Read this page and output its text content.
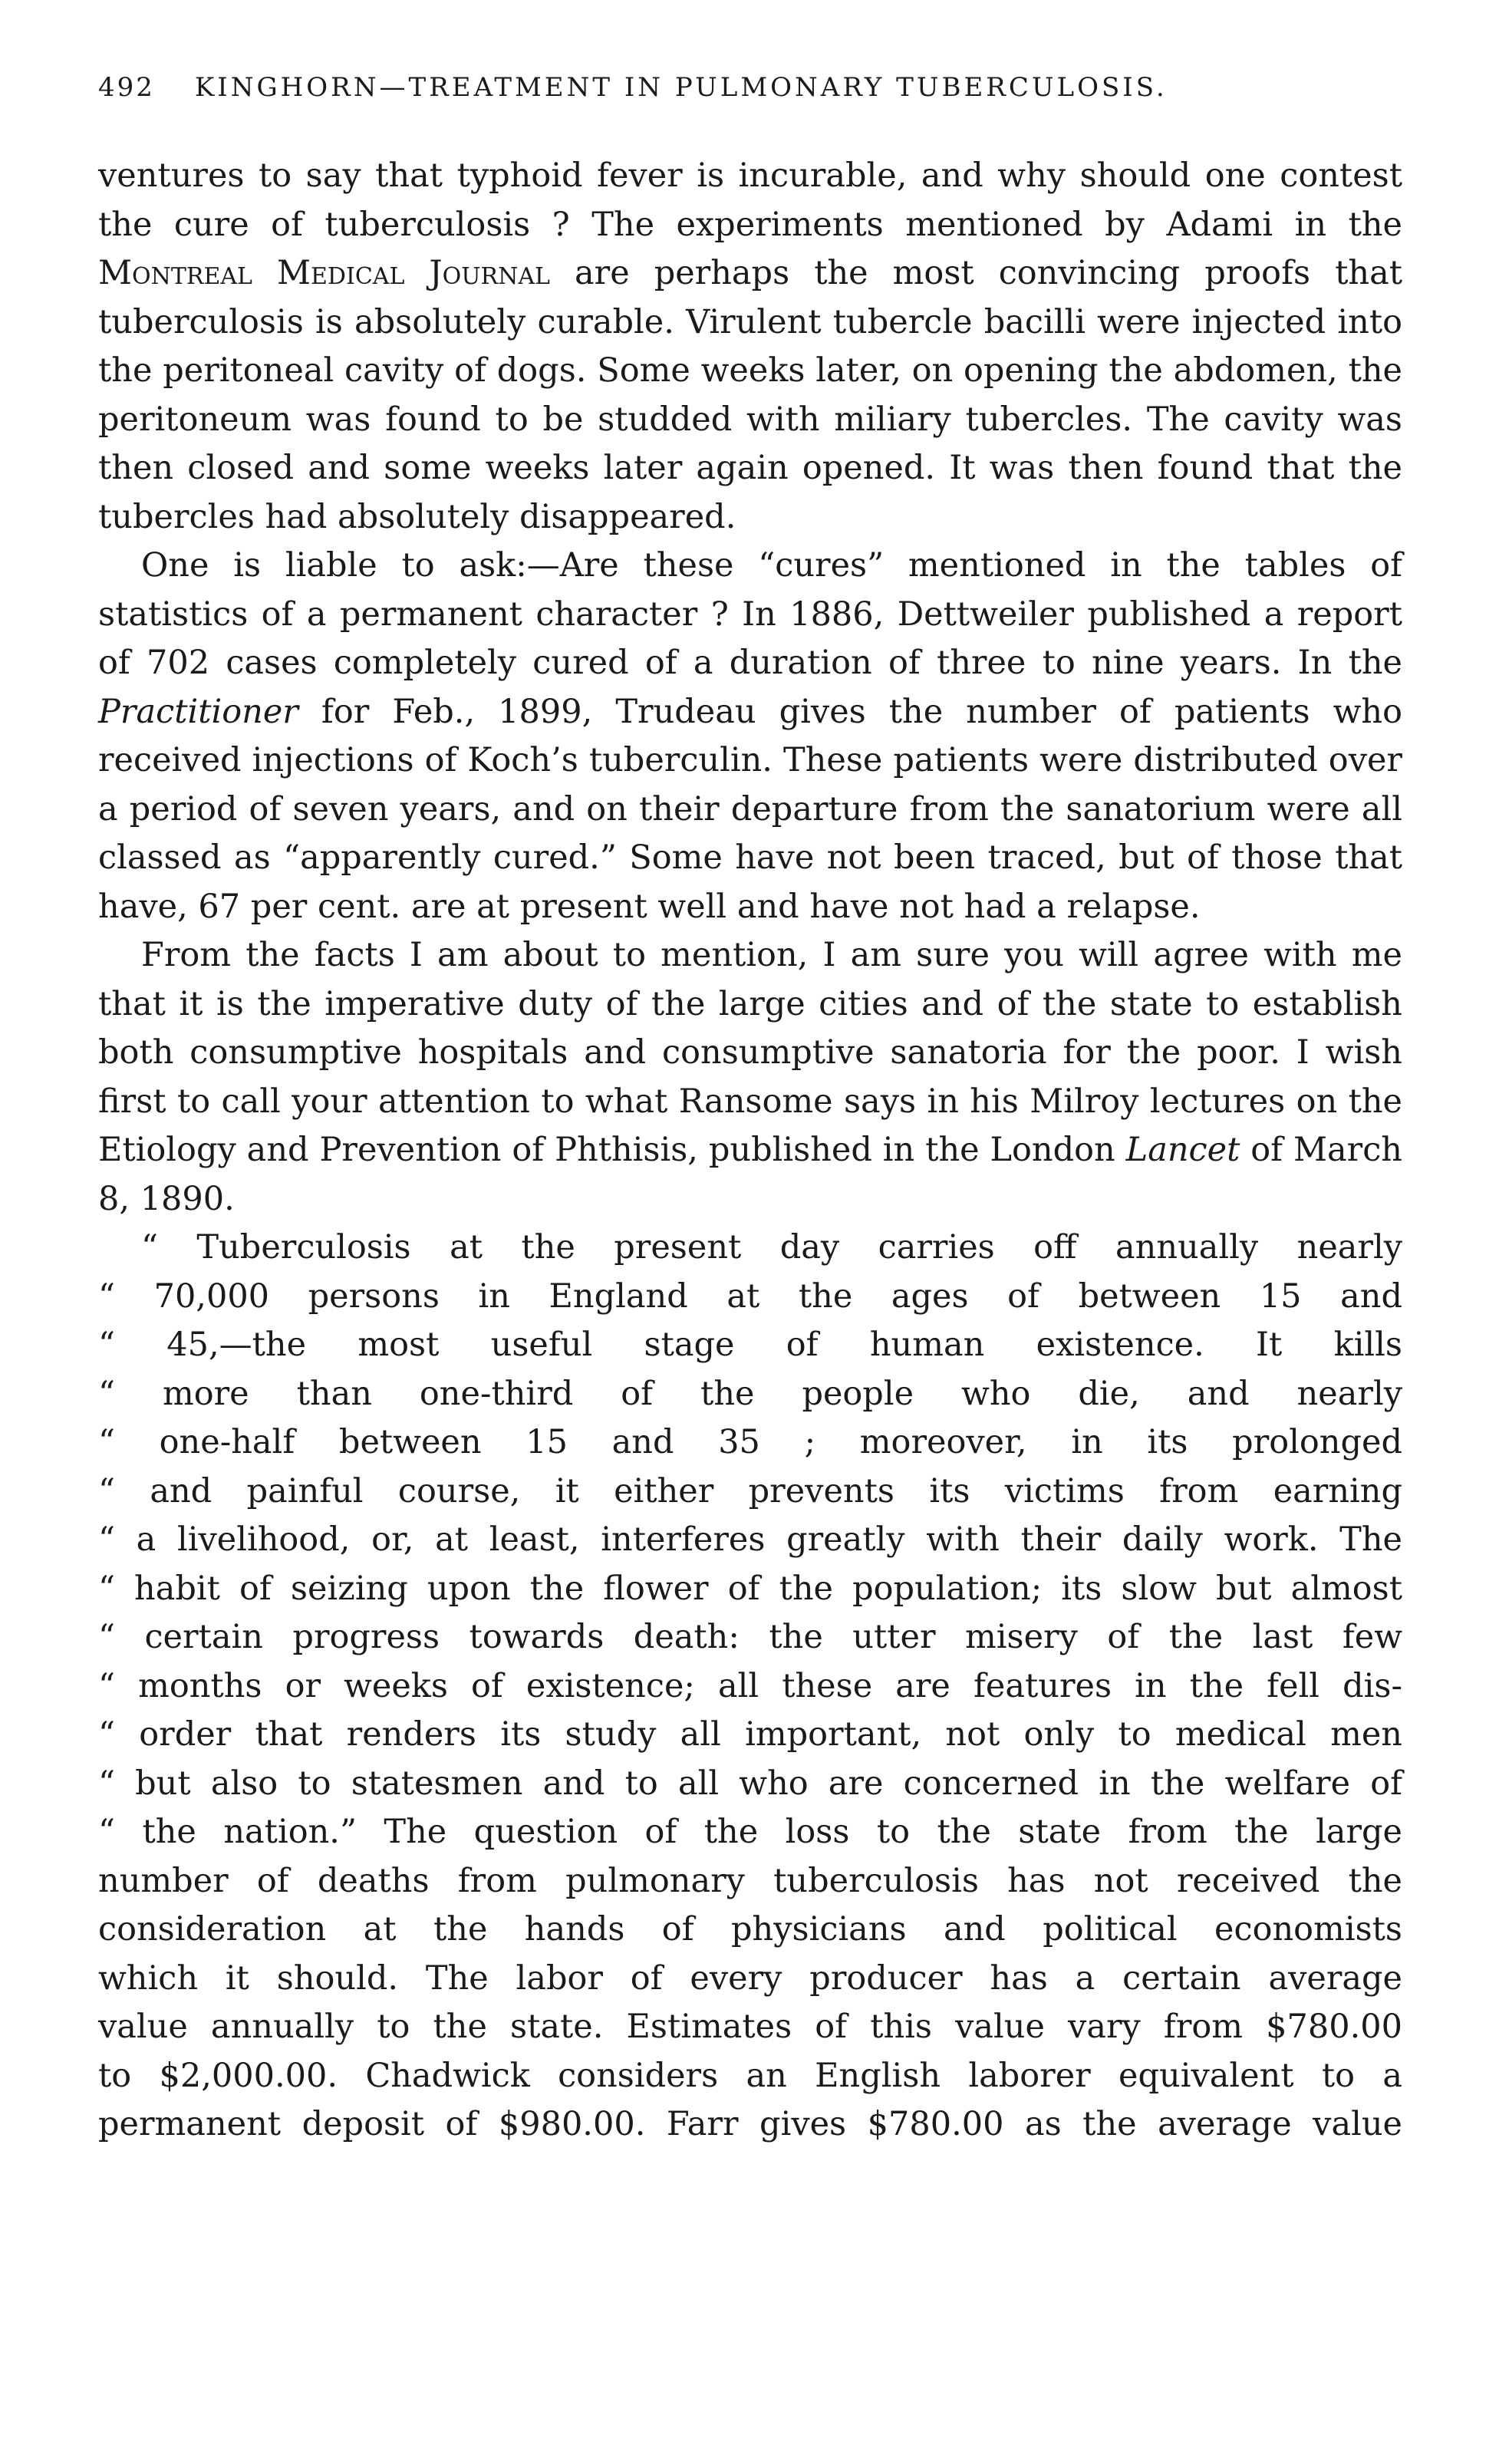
492 KINGHORN—TREATMENT IN PULMONARY TUBERCULOSIS.

ventures to say that typhoid fever is incurable, and why should one contest the cure of tuberculosis ? The experiments mentioned by Adami in the Montreal Medical Journal are perhaps the most convincing proofs that tuberculosis is absolutely curable. Virulent tubercle bacilli were injected into the peritoneal cavity of dogs. Some weeks later, on opening the abdomen, the peritoneum was found to be studded with miliary tubercles. The cavity was then closed and some weeks later again opened. It was then found that the tubercles had absolutely disappeared.

One is liable to ask:—Are these “cures” mentioned in the tables of statistics of a permanent character ? In 1886, Dettweiler published a report of 702 cases completely cured of a duration of three to nine years. In the Practitioner for Feb., 1899, Trudeau gives the number of patients who received injections of Koch’s tuberculin. These patients were distributed over a period of seven years, and on their departure from the sanatorium were all classed as “apparently cured.” Some have not been traced, but of those that have, 67 per cent. are at present well and have not had a relapse.

From the facts I am about to mention, I am sure you will agree with me that it is the imperative duty of the large cities and of the state to establish both consumptive hospitals and consumptive sanatoria for the poor. I wish first to call your attention to what Ransome says in his Milroy lectures on the Etiology and Prevention of Phthisis, published in the London Lancet of March 8, 1890.

“ Tuberculosis at the present day carries off annually nearly

“ 70,000 persons in England at the ages of between 15 and

“ 45,—the most useful stage of human existence. It kills

“ more than one-third of the people who die, and nearly

“ one-half between 15 and 35 ; moreover, in its prolonged

“ and painful course, it either prevents its victims from earning

“ a livelihood, or, at least, interferes greatly with their daily work. The

“ habit of seizing upon the flower of the population; its slow but almost

“ certain progress towards death: the utter misery of the last few

“ months or weeks of existence; all these are features in the fell dis-

“ order that renders its study all important, not only to medical men

“ but also to statesmen and to all who are concerned in the welfare of

“ the nation.” The question of the loss to the state from the large

number of deaths from pulmonary tuberculosis has not received the

consideration at the hands of physicians and political economists

which it should. The labor of every producer has a certain average

value annually to the state. Estimates of this value vary from $780.00

to $2,000.00. Chadwick considers an English laborer equivalent to a

permanent deposit of $980.00. Farr gives $780.00 as the average value
